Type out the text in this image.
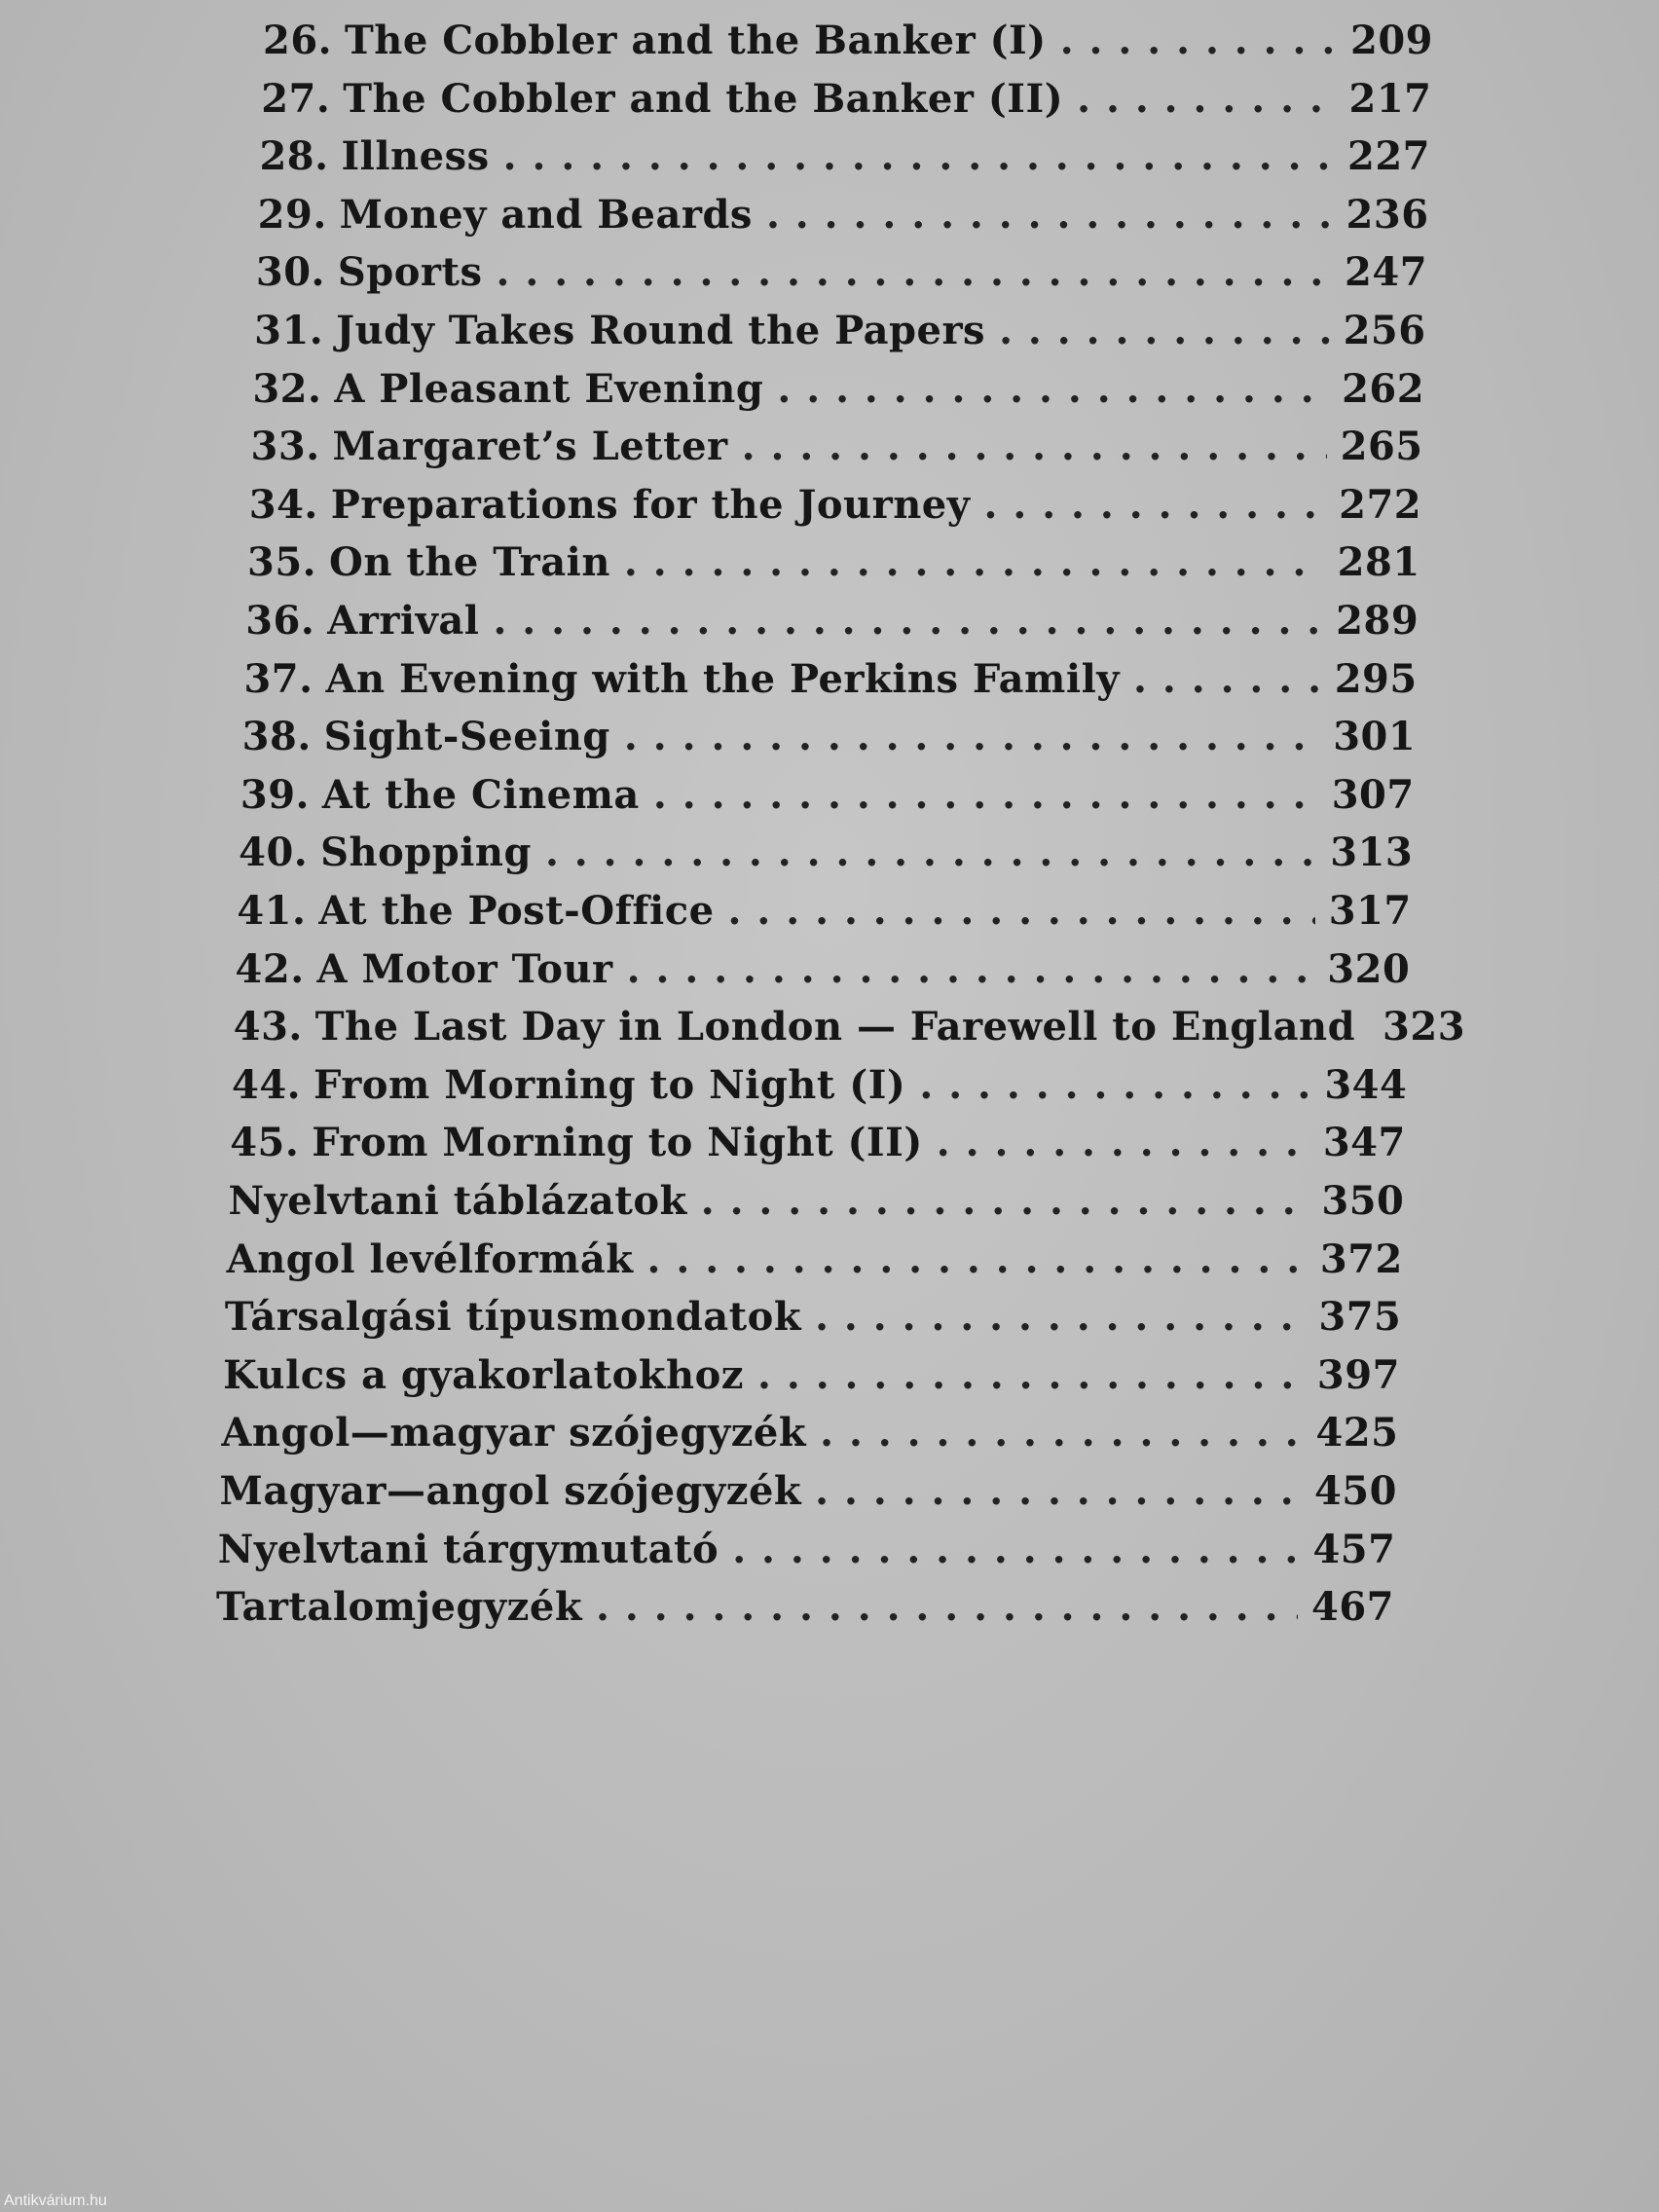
26. The Cobbler and the Banker (I) . . .	209
27. The Cobbler and the Banker (II) . . .	217
28. Illness . . .	227
29. Money and Beards . . .	236
30. Sports . . .	247
31. Judy Takes Round the Papers . . .	256
32. A Pleasant Evening . . .	262
33. Margaret’s Letter . . .	265
34. Preparations for the Journey . . .	272
35. On the Train . . .	281
36. Arrival . . .	289
37. An Evening with the Perkins Family . . .	295
38. Sight-Seeing . . .	301
39. At the Cinema . . .	307
40. Shopping . . .	313
41. At the Post-Office . . .	317
42. A Motor Tour . . .	320
43. The Last Day in London — Farewell to England 323
44. From Morning to Night (I) . . .	344
45. From Morning to Night (II) . . .	347
Nyelvtani táblázatok . . .	350
Angol levélformák . . .	372
Társalgási típusmondatok . . .	375
Kulcs a gyakorlatokhoz . . .	397
Angol—magyar szójegyzék . . .	425
Magyar—angol szójegyzék . . .	450
Nyelvtani tárgymutató . . .	457
Tartalomjegyzék . . .	467
Antikvárium.hu
